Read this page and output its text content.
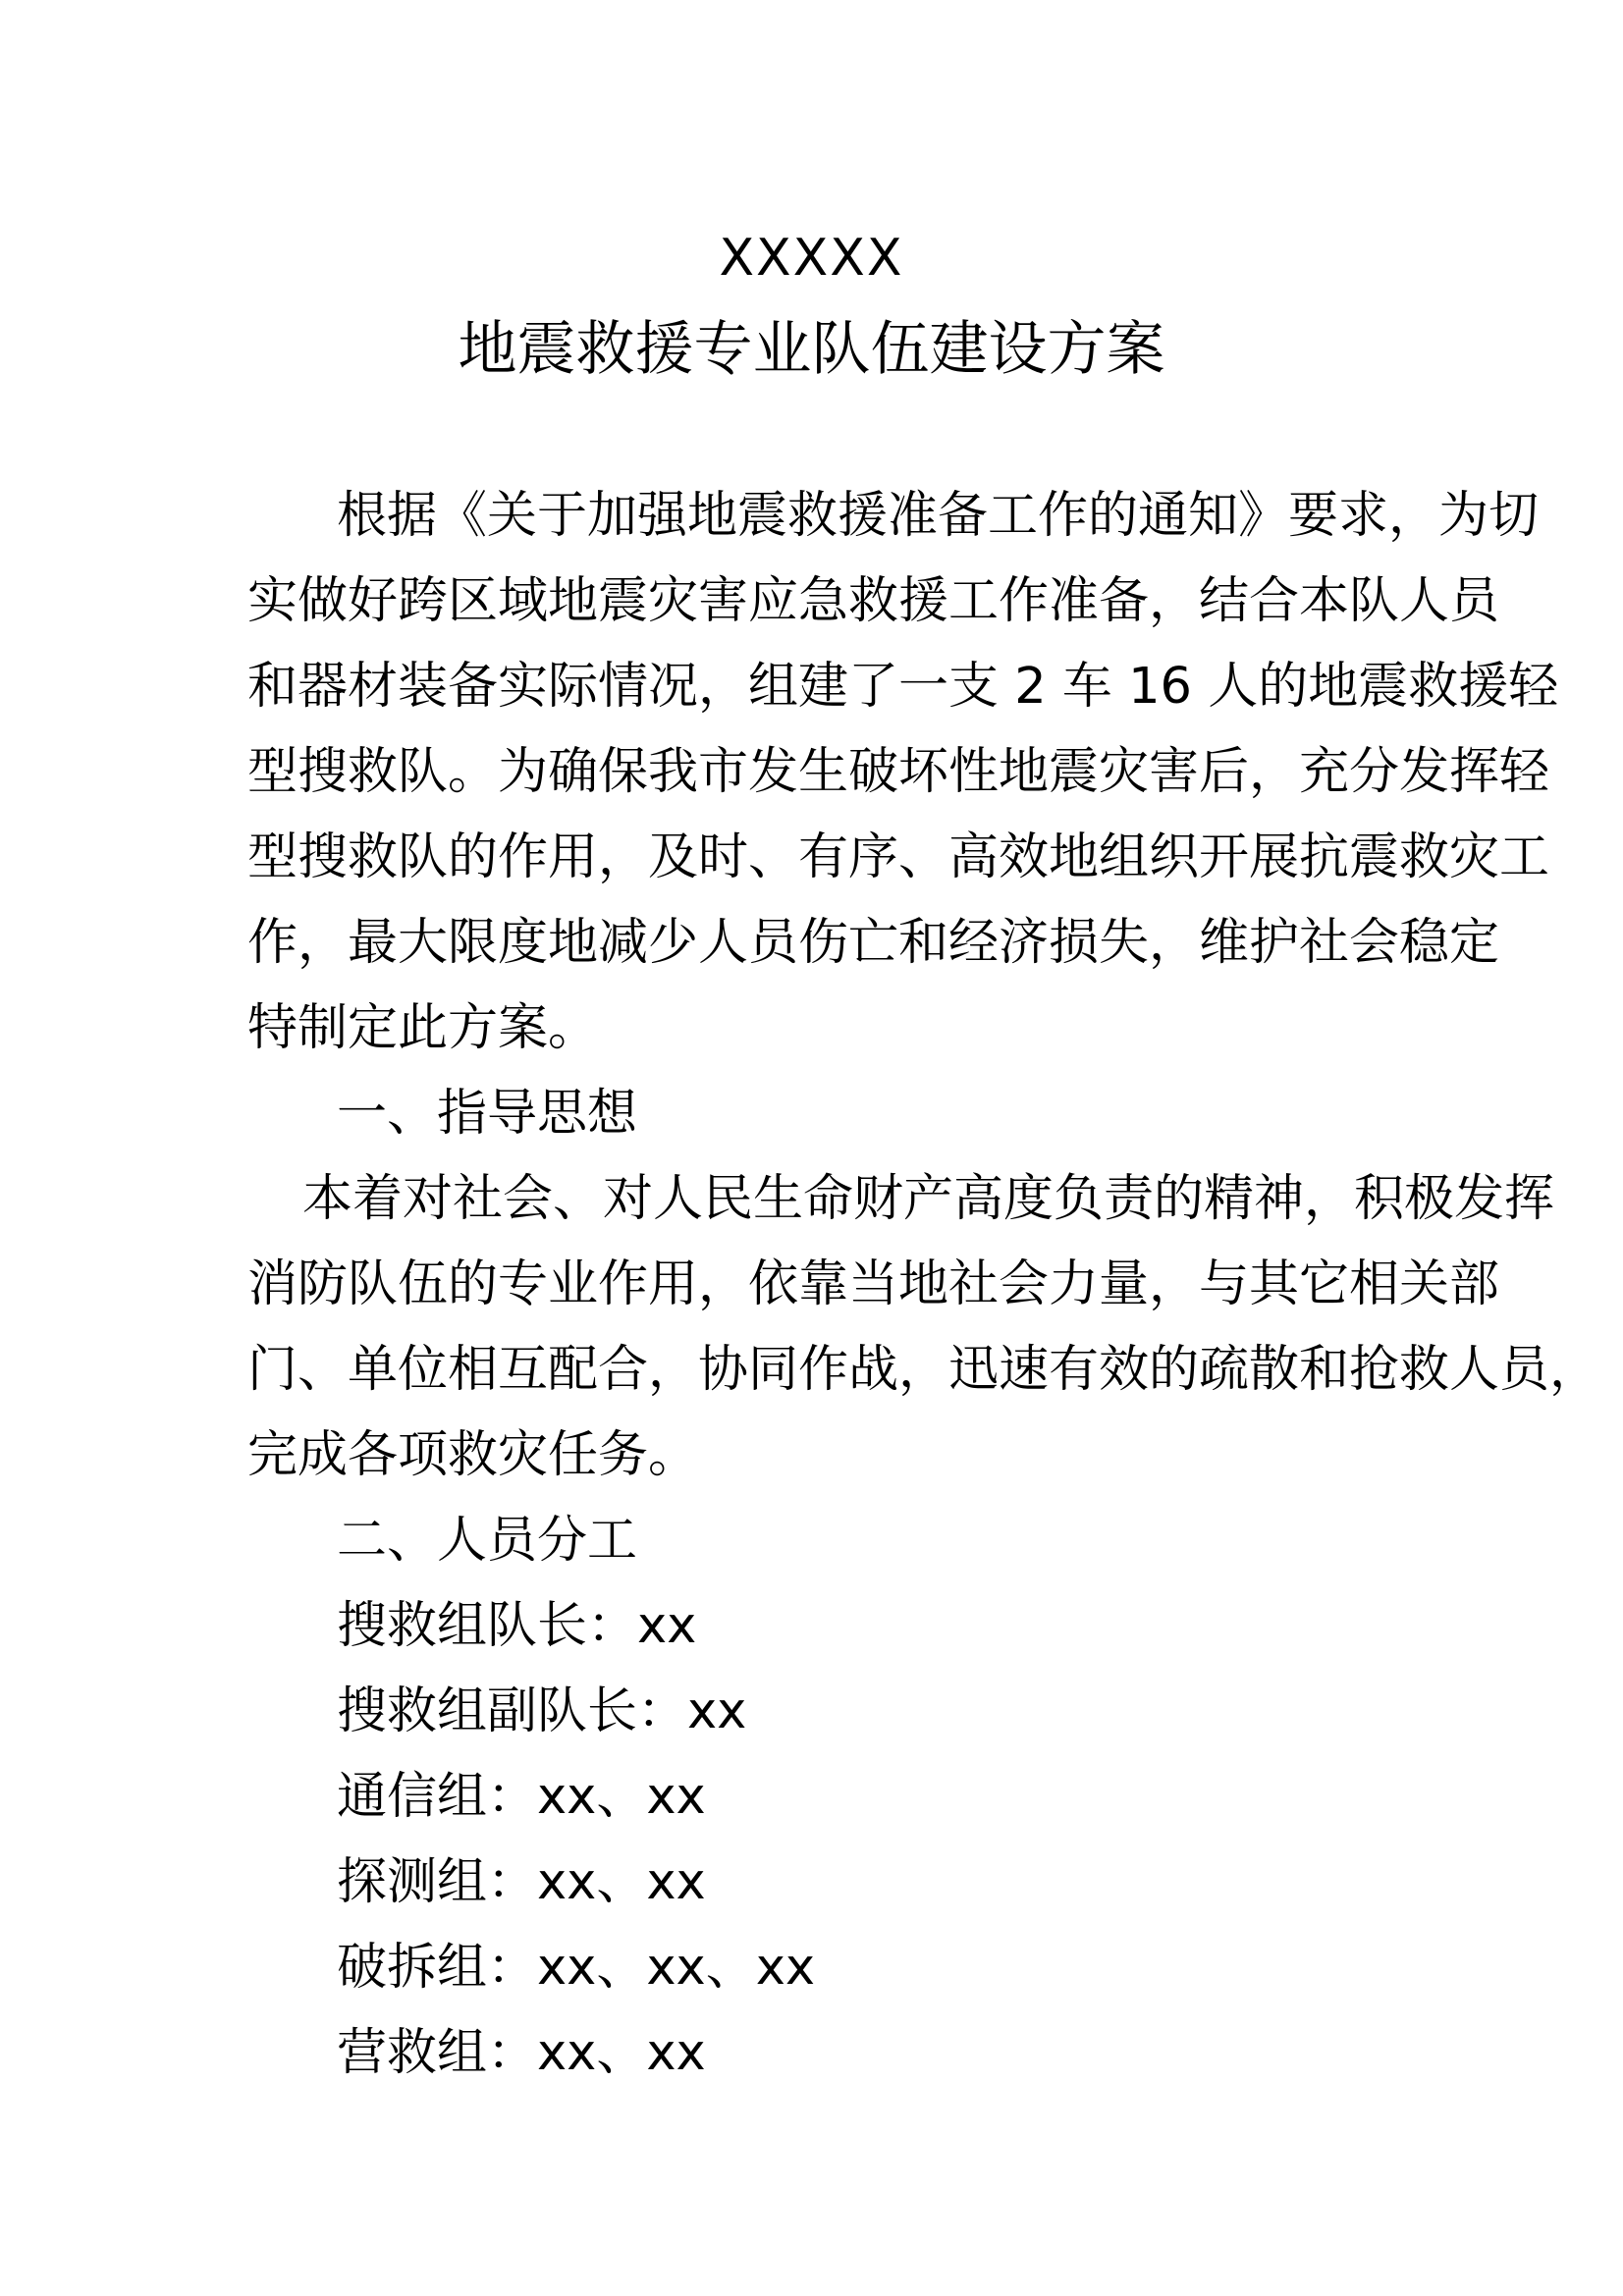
XXXXX
地震救援专业队伍建设方案
根据《关于加强地震救援准备工作的通知》要求，为切
实做好跨区域地震灾害应急救援工作准备，结合本队人员
和器材装备实际情况，组建了一支 2 车 16 人的地震救援轻
型搜救队。为确保我市发生破坏性地震灾害后，充分发挥轻
型搜救队的作用，及时、有序、高效地组织开展抗震救灾工
作，最大限度地减少人员伤亡和经济损失，维护社会稳定
特制定此方案。
一、指导思想
本着对社会、对人民生命财产高度负责的精神，积极发挥
消防队伍的专业作用，依靠当地社会力量，与其它相关部
门、单位相互配合，协同作战，迅速有效的疏散和抢救人员，
完成各项救灾任务。
二、人员分工
搜救组队长：xx
搜救组副队长：xx
通信组：xx、xx
探测组：xx、xx
破拆组：xx、xx、xx
营救组：xx、xx
